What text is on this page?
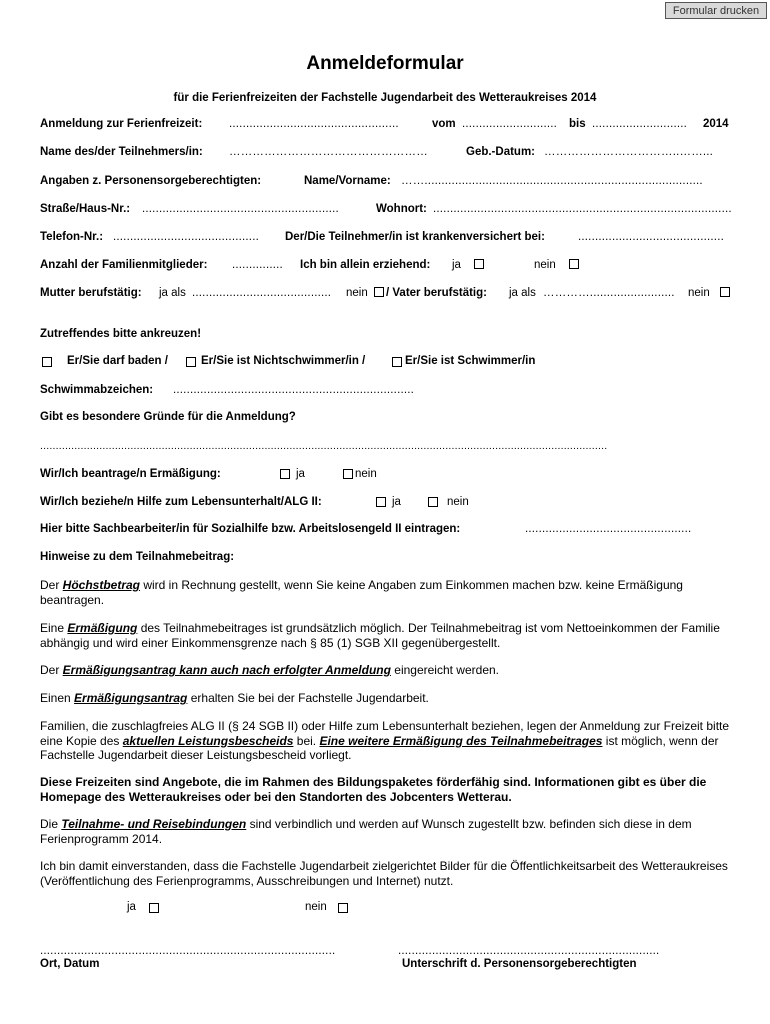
Formular drucken
Anmeldeformular
für die Ferienfreizeiten der Fachstelle Jugendarbeit des Wetteraukreises 2014
Anmeldung zur Ferienfreizeit: ..................................................	vom ............................ bis ............................ 2014
Name des/der Teilnehmers/in: ……………………………………………	Geb.-Datum: ……………………………..……...
Angaben z. Personensorgeberechtigten:	Name/Vorname: ……..................................................................................
Straße/Haus-Nr.: ..........................................................	Wohnort: ........................................................................................
Telefon-Nr.: ........................................... Der/Die Teilnehmer/in ist krankenversichert bei:	...........................................
Anzahl der Familienmitglieder: ............... Ich bin allein erziehend: ja	nein
Mutter berufstätig: ja als ......................................... nein / Vater berufstätig: ja als …………......................... nein
Zutreffendes bitte ankreuzen!
Er/Sie darf baden /	Er/Sie ist Nichtschwimmer/in /	Er/Sie ist Schwimmer/in
Schwimmabzeichen: .......................................................................
Gibt es besondere Gründe für die Anmeldung?
......................................................................................................................................................................................
Wir/Ich beantrage/n Ermäßigung:	ja	nein
Wir/Ich beziehe/n Hilfe zum Lebensunterhalt/ALG II:	ja	nein
Hier bitte Sachbearbeiter/in für Sozialhilfe bzw. Arbeitslosengeld II eintragen:	.................................................
Hinweise zu dem Teilnahmebeitrag:
Der Höchstbetrag wird in Rechnung gestellt, wenn Sie keine Angaben zum Einkommen machen bzw. keine Ermäßigung beantragen.
Eine Ermäßigung des Teilnahmebeitrages ist grundsätzlich möglich. Der Teilnahmebeitrag ist vom Nettoeinkommen der Familie abhängig und wird einer Einkommensgrenze nach § 85 (1) SGB XII gegenübergestellt.
Der Ermäßigungsantrag kann auch nach erfolgter Anmeldung eingereicht werden.
Einen Ermäßigungsantrag erhalten Sie bei der Fachstelle Jugendarbeit.
Familien, die zuschlagfreies ALG II (§ 24 SGB II) oder Hilfe zum Lebensunterhalt beziehen, legen der Anmeldung zur Freizeit bitte eine Kopie des aktuellen Leistungsbescheids bei. Eine weitere Ermäßigung des Teilnahmebeitrages ist möglich, wenn der Fachstelle Jugendarbeit dieser Leistungsbescheid vorliegt.
Diese Freizeiten sind Angebote, die im Rahmen des Bildungspaketes förderfähig sind. Informationen gibt es über die Homepage des Wetteraukreises oder bei den Standorten des Jobcenters Wetterau.
Die Teilnahme- und Reisebindungen sind verbindlich und werden auf Wunsch zugestellt bzw. befinden sich diese in dem Ferienprogramm 2014.
Ich bin damit einverstanden, dass die Fachstelle Jugendarbeit zielgerichtet Bilder für die Öffentlichkeitsarbeit des Wetteraukreises (Veröffentlichung des Ferienprogramms, Ausschreibungen und Internet) nutzt.
ja	nein
.......................................................................................	.............................................................................
Ort, Datum	Unterschrift d. Personensorgeberechtigten
